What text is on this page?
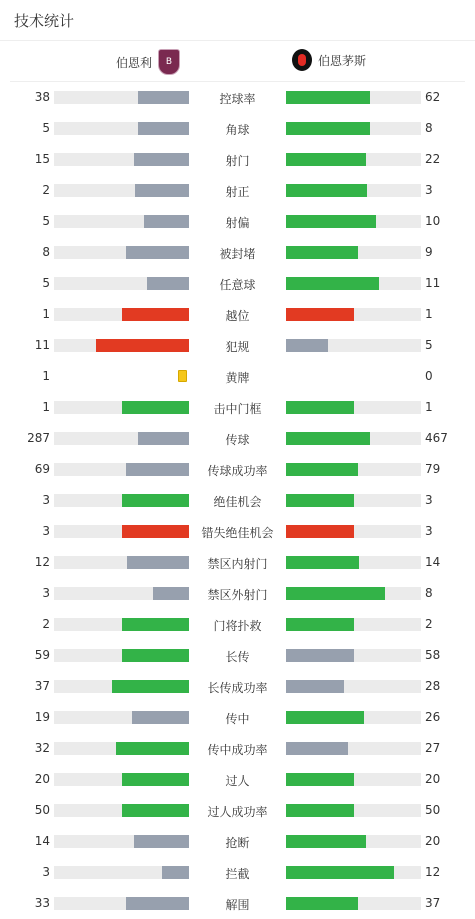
技术统计
伯恩利 B	伯恩茅斯
38	控球率	62
5	角球	8
15	射门	22
2	射正	3
5	射偏	10
8	被封堵	9
5	任意球	11
1	越位	1
11	犯规	5
1	黄牌	0
1	击中门框	1
287	传球	467
69	传球成功率	79
3	绝佳机会	3
3	错失绝佳机会	3
12	禁区内射门	14
3	禁区外射门	8
2	门将扑救	2
59	长传	58
37	长传成功率	28
19	传中	26
32	传中成功率	27
20	过人	20
50	过人成功率	50
14	抢断	20
3	拦截	12
33	解围	37
